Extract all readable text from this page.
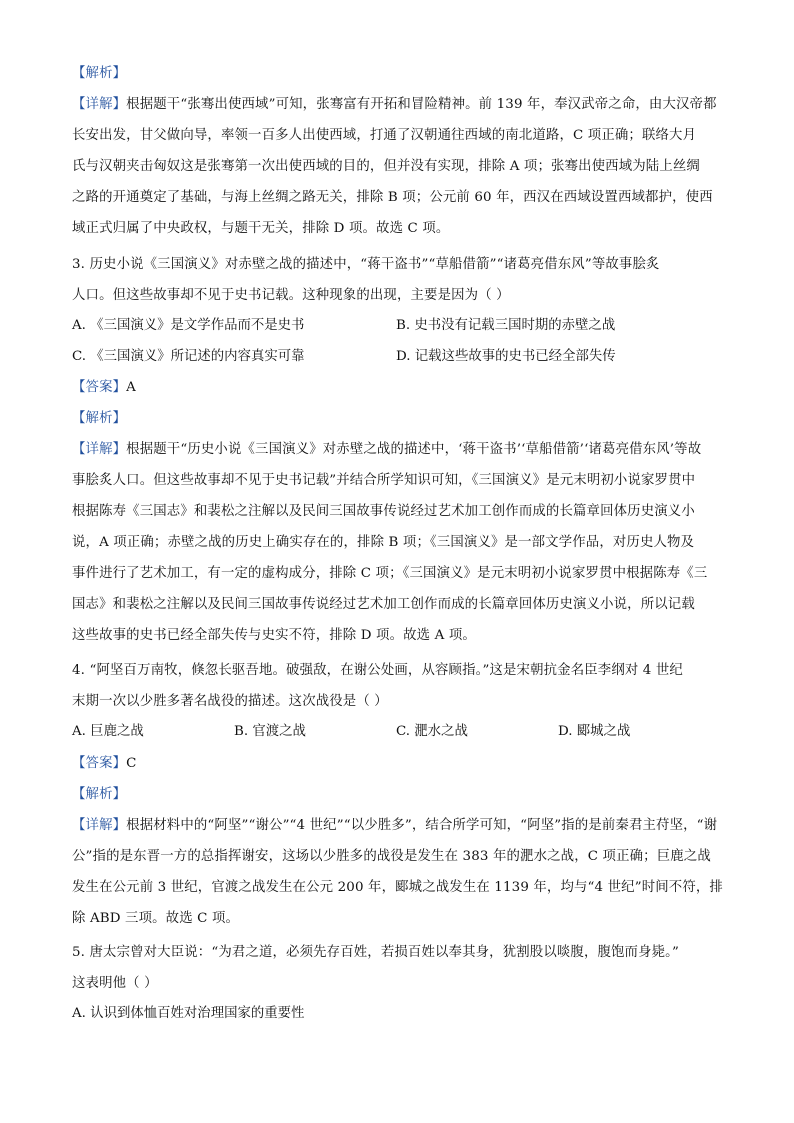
【解析】
【详解】根据题干“张骞出使西域”可知，张骞富有开拓和冒险精神。前 139 年，奉汉武帝之命，由大汉帝都
长安出发，甘父做向导，率领一百多人出使西域，打通了汉朝通往西域的南北道路，C 项正确；联络大月
氏与汉朝夹击匈奴这是张骞第一次出使西域的目的，但并没有实现，排除 A 项；张骞出使西域为陆上丝绸
之路的开通奠定了基础，与海上丝绸之路无关，排除 B 项；公元前 60 年，西汉在西域设置西域都护，使西
域正式归属了中央政权，与题干无关，排除 D 项。故选 C 项。
3. 历史小说《三国演义》对赤壁之战的描述中，“蒋干盗书”“草船借箭”“诸葛亮借东风”等故事脍炙
人口。但这些故事却不见于史书记载。这种现象的出现，主要是因为（ ）
A. 《三国演义》是文学作品而不是史书	B. 史书没有记载三国时期的赤壁之战
C. 《三国演义》所记述的内容真实可靠	D. 记载这些故事的史书已经全部失传
【答案】A
【解析】
【详解】根据题干“历史小说《三国演义》对赤壁之战的描述中，‘蒋干盗书’‘草船借箭’‘诸葛亮借东风’等故
事脍炙人口。但这些故事却不见于史书记载”并结合所学知识可知，《三国演义》是元末明初小说家罗贯中
根据陈寿《三国志》和裴松之注解以及民间三国故事传说经过艺术加工创作而成的长篇章回体历史演义小
说，A 项正确；赤壁之战的历史上确实存在的，排除 B 项；《三国演义》是一部文学作品，对历史人物及
事件进行了艺术加工，有一定的虚构成分，排除 C 项；《三国演义》是元末明初小说家罗贯中根据陈寿《三
国志》和裴松之注解以及民间三国故事传说经过艺术加工创作而成的长篇章回体历史演义小说，所以记载
这些故事的史书已经全部失传与史实不符，排除 D 项。故选 A 项。
4. “阿坚百万南牧，倏忽长驱吾地。破强敌，在谢公处画，从容顾指。”这是宋朝抗金名臣李纲对 4 世纪
末期一次以少胜多著名战役的描述。这次战役是（ ）
A. 巨鹿之战	B. 官渡之战	C. 淝水之战	D. 郾城之战
【答案】C
【解析】
【详解】根据材料中的“阿坚”“谢公”“4 世纪”“以少胜多”，结合所学可知，“阿坚”指的是前秦君主苻坚，“谢
公”指的是东晋一方的总指挥谢安，这场以少胜多的战役是发生在 383 年的淝水之战，C 项正确；巨鹿之战
发生在公元前 3 世纪，官渡之战发生在公元 200 年，郾城之战发生在 1139 年，均与“4 世纪”时间不符，排
除 ABD 三项。故选 C 项。
5. 唐太宗曾对大臣说：“为君之道，必须先存百姓，若损百姓以奉其身，犹割股以啖腹，腹饱而身毙。”
这表明他（ ）
A. 认识到体恤百姓对治理国家的重要性
